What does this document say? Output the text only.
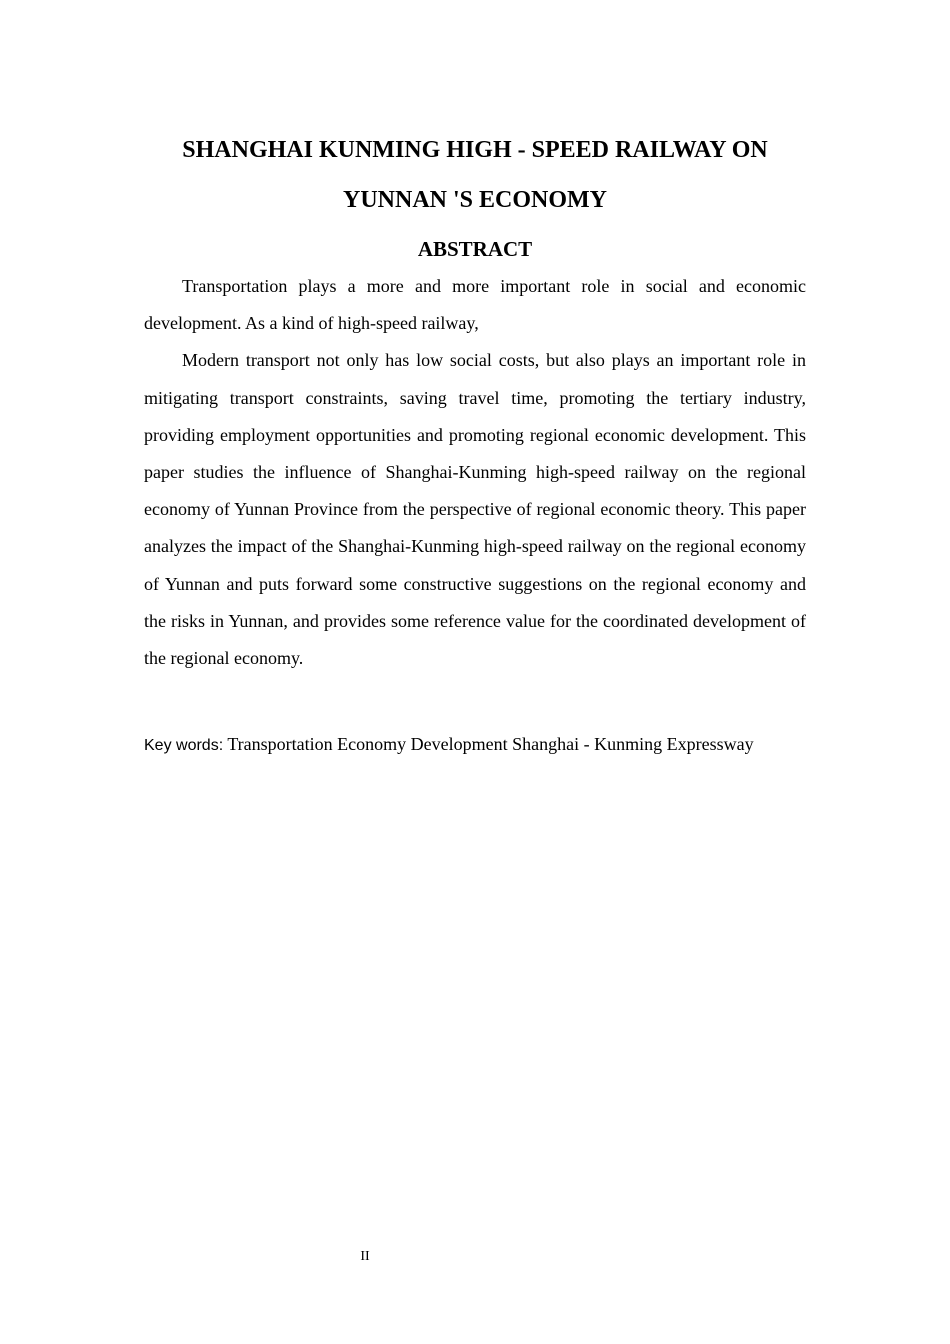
SHANGHAI KUNMING HIGH - SPEED RAILWAY ON
YUNNAN 'S ECONOMY
ABSTRACT

Transportation plays a more and more important role in social and economic development. As a kind of high-speed railway,

Modern transport not only has low social costs, but also plays an important role in mitigating transport constraints, saving travel time, promoting the tertiary industry, providing employment opportunities and promoting regional economic development. This paper studies the influence of Shanghai-Kunming high-speed railway on the regional economy of Yunnan Province from the perspective of regional economic theory. This paper analyzes the impact of the Shanghai-Kunming high-speed railway on the regional economy of Yunnan and puts forward some constructive suggestions on the regional economy and the risks in Yunnan, and provides some reference value for the coordinated development of the regional economy.

Key words: Transportation Economy Development Shanghai - Kunming Expressway
II
